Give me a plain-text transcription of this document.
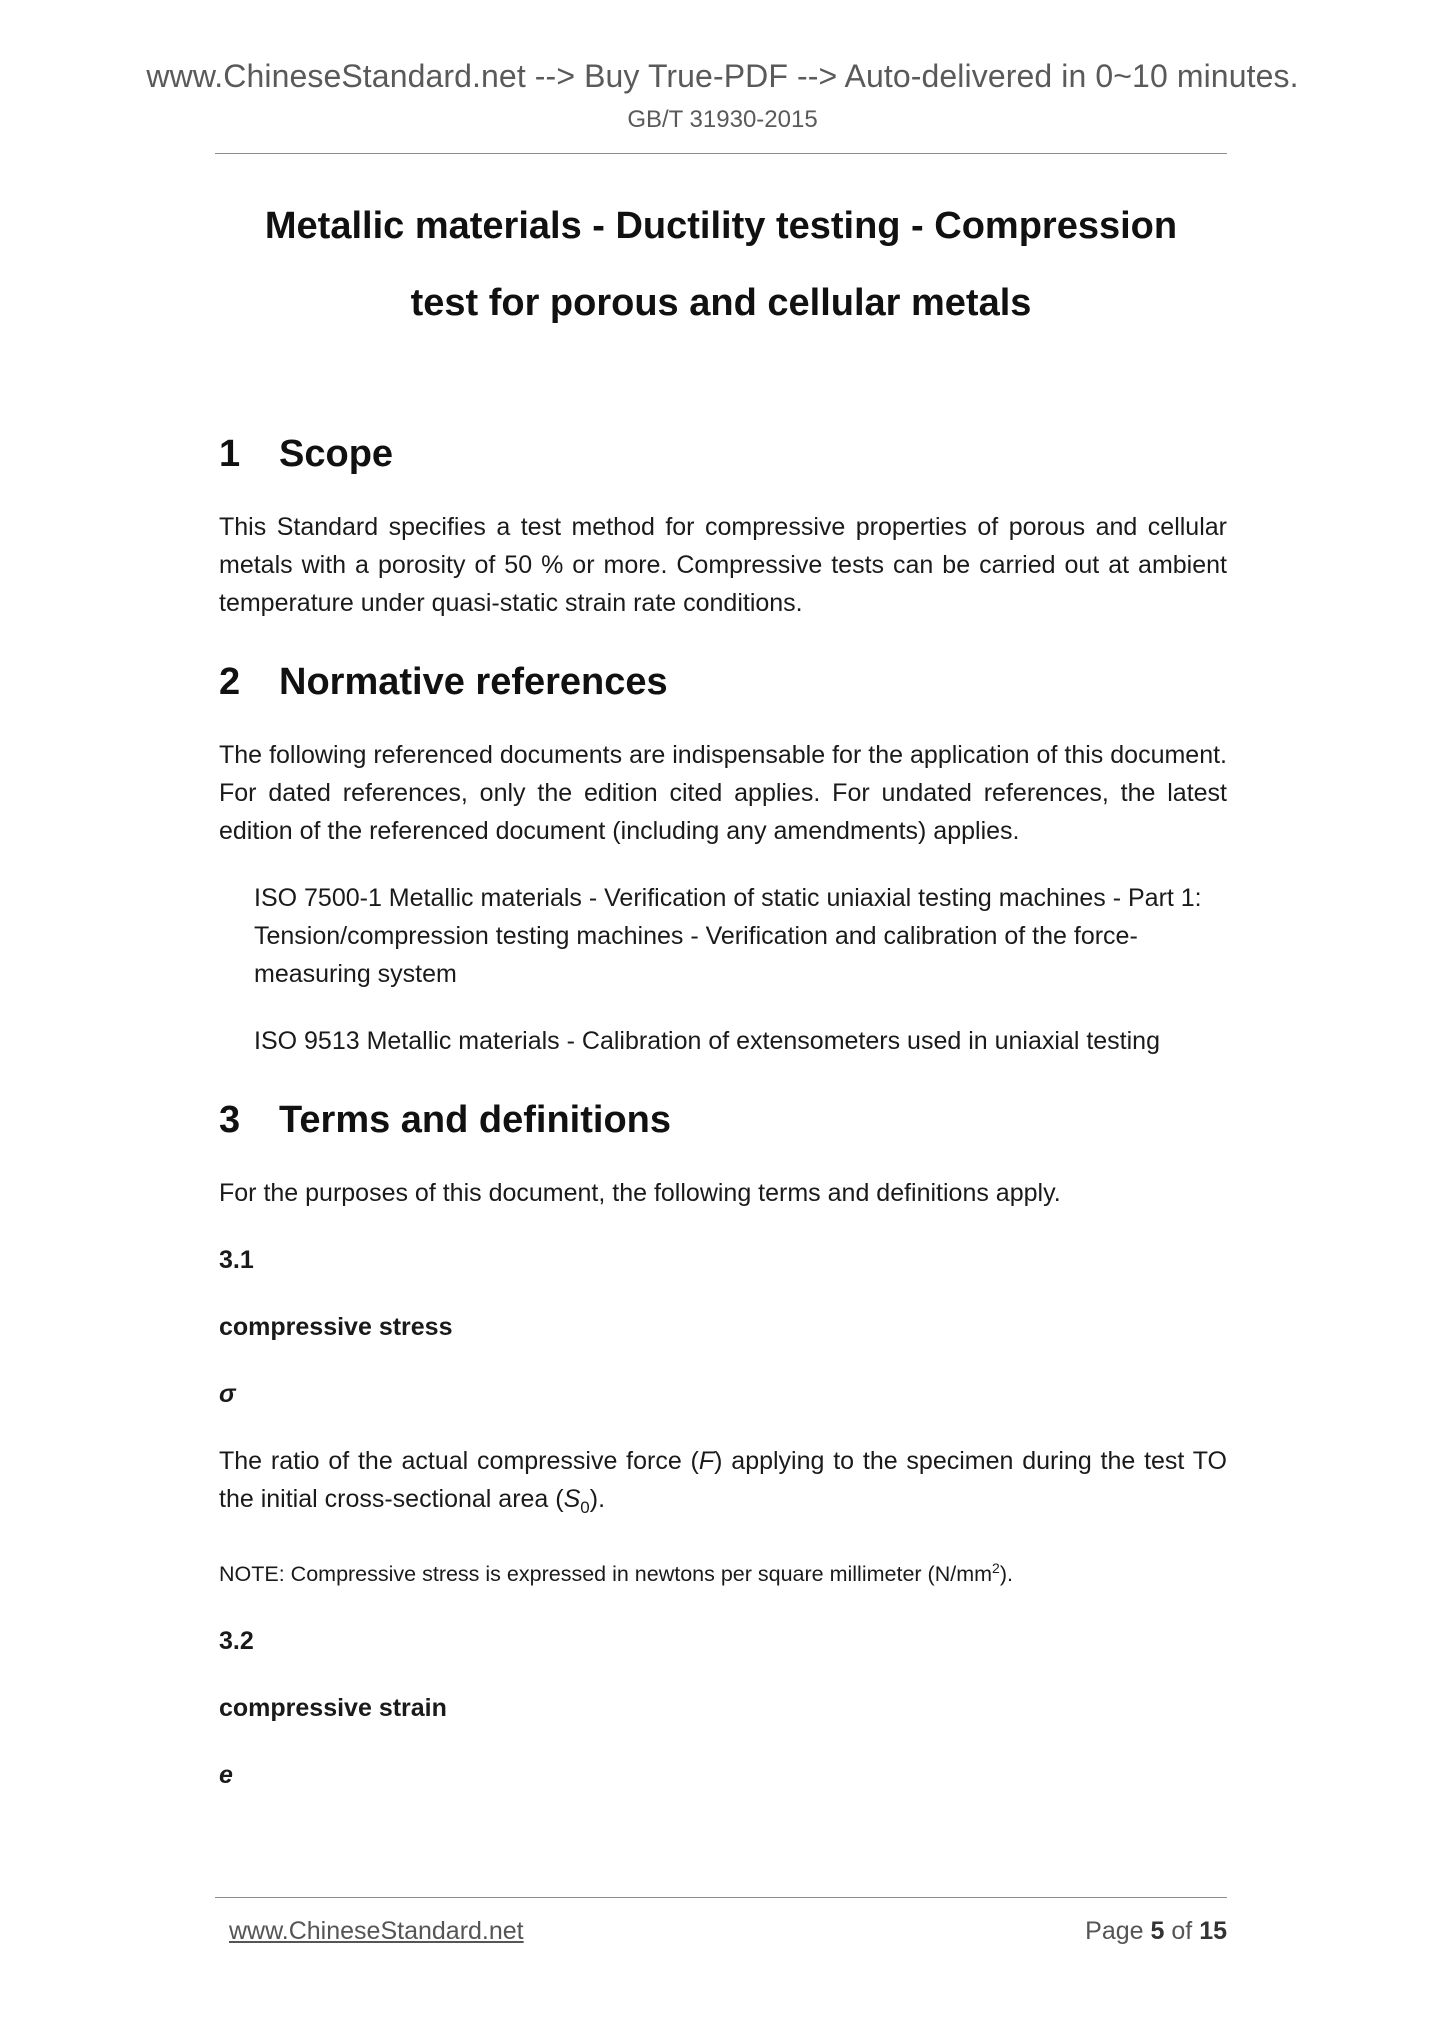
www.ChineseStandard.net --> Buy True-PDF --> Auto-delivered in 0~10 minutes.
GB/T 31930-2015
Metallic materials - Ductility testing - Compression
test for porous and cellular metals
1 Scope

This Standard specifies a test method for compressive properties of porous and cellular metals with a porosity of 50 % or more. Compressive tests can be carried out at ambient temperature under quasi-static strain rate conditions.

2 Normative references

The following referenced documents are indispensable for the application of this document. For dated references, only the edition cited applies. For undated references, the latest edition of the referenced document (including any amendments) applies.

ISO 7500-1 Metallic materials - Verification of static uniaxial testing machines - Part 1: Tension/compression testing machines - Verification and calibration of the force-measuring system

ISO 9513 Metallic materials - Calibration of extensometers used in uniaxial testing

3 Terms and definitions

For the purposes of this document, the following terms and definitions apply.

3.1

compressive stress

σ

The ratio of the actual compressive force (F) applying to the specimen during the test TO the initial cross-sectional area $(S_0)$.

NOTE: Compressive stress is expressed in newtons per square millimeter $(N/mm^2)$.

3.2

compressive strain

e

www.ChineseStandard.net	Page 5 of 15
